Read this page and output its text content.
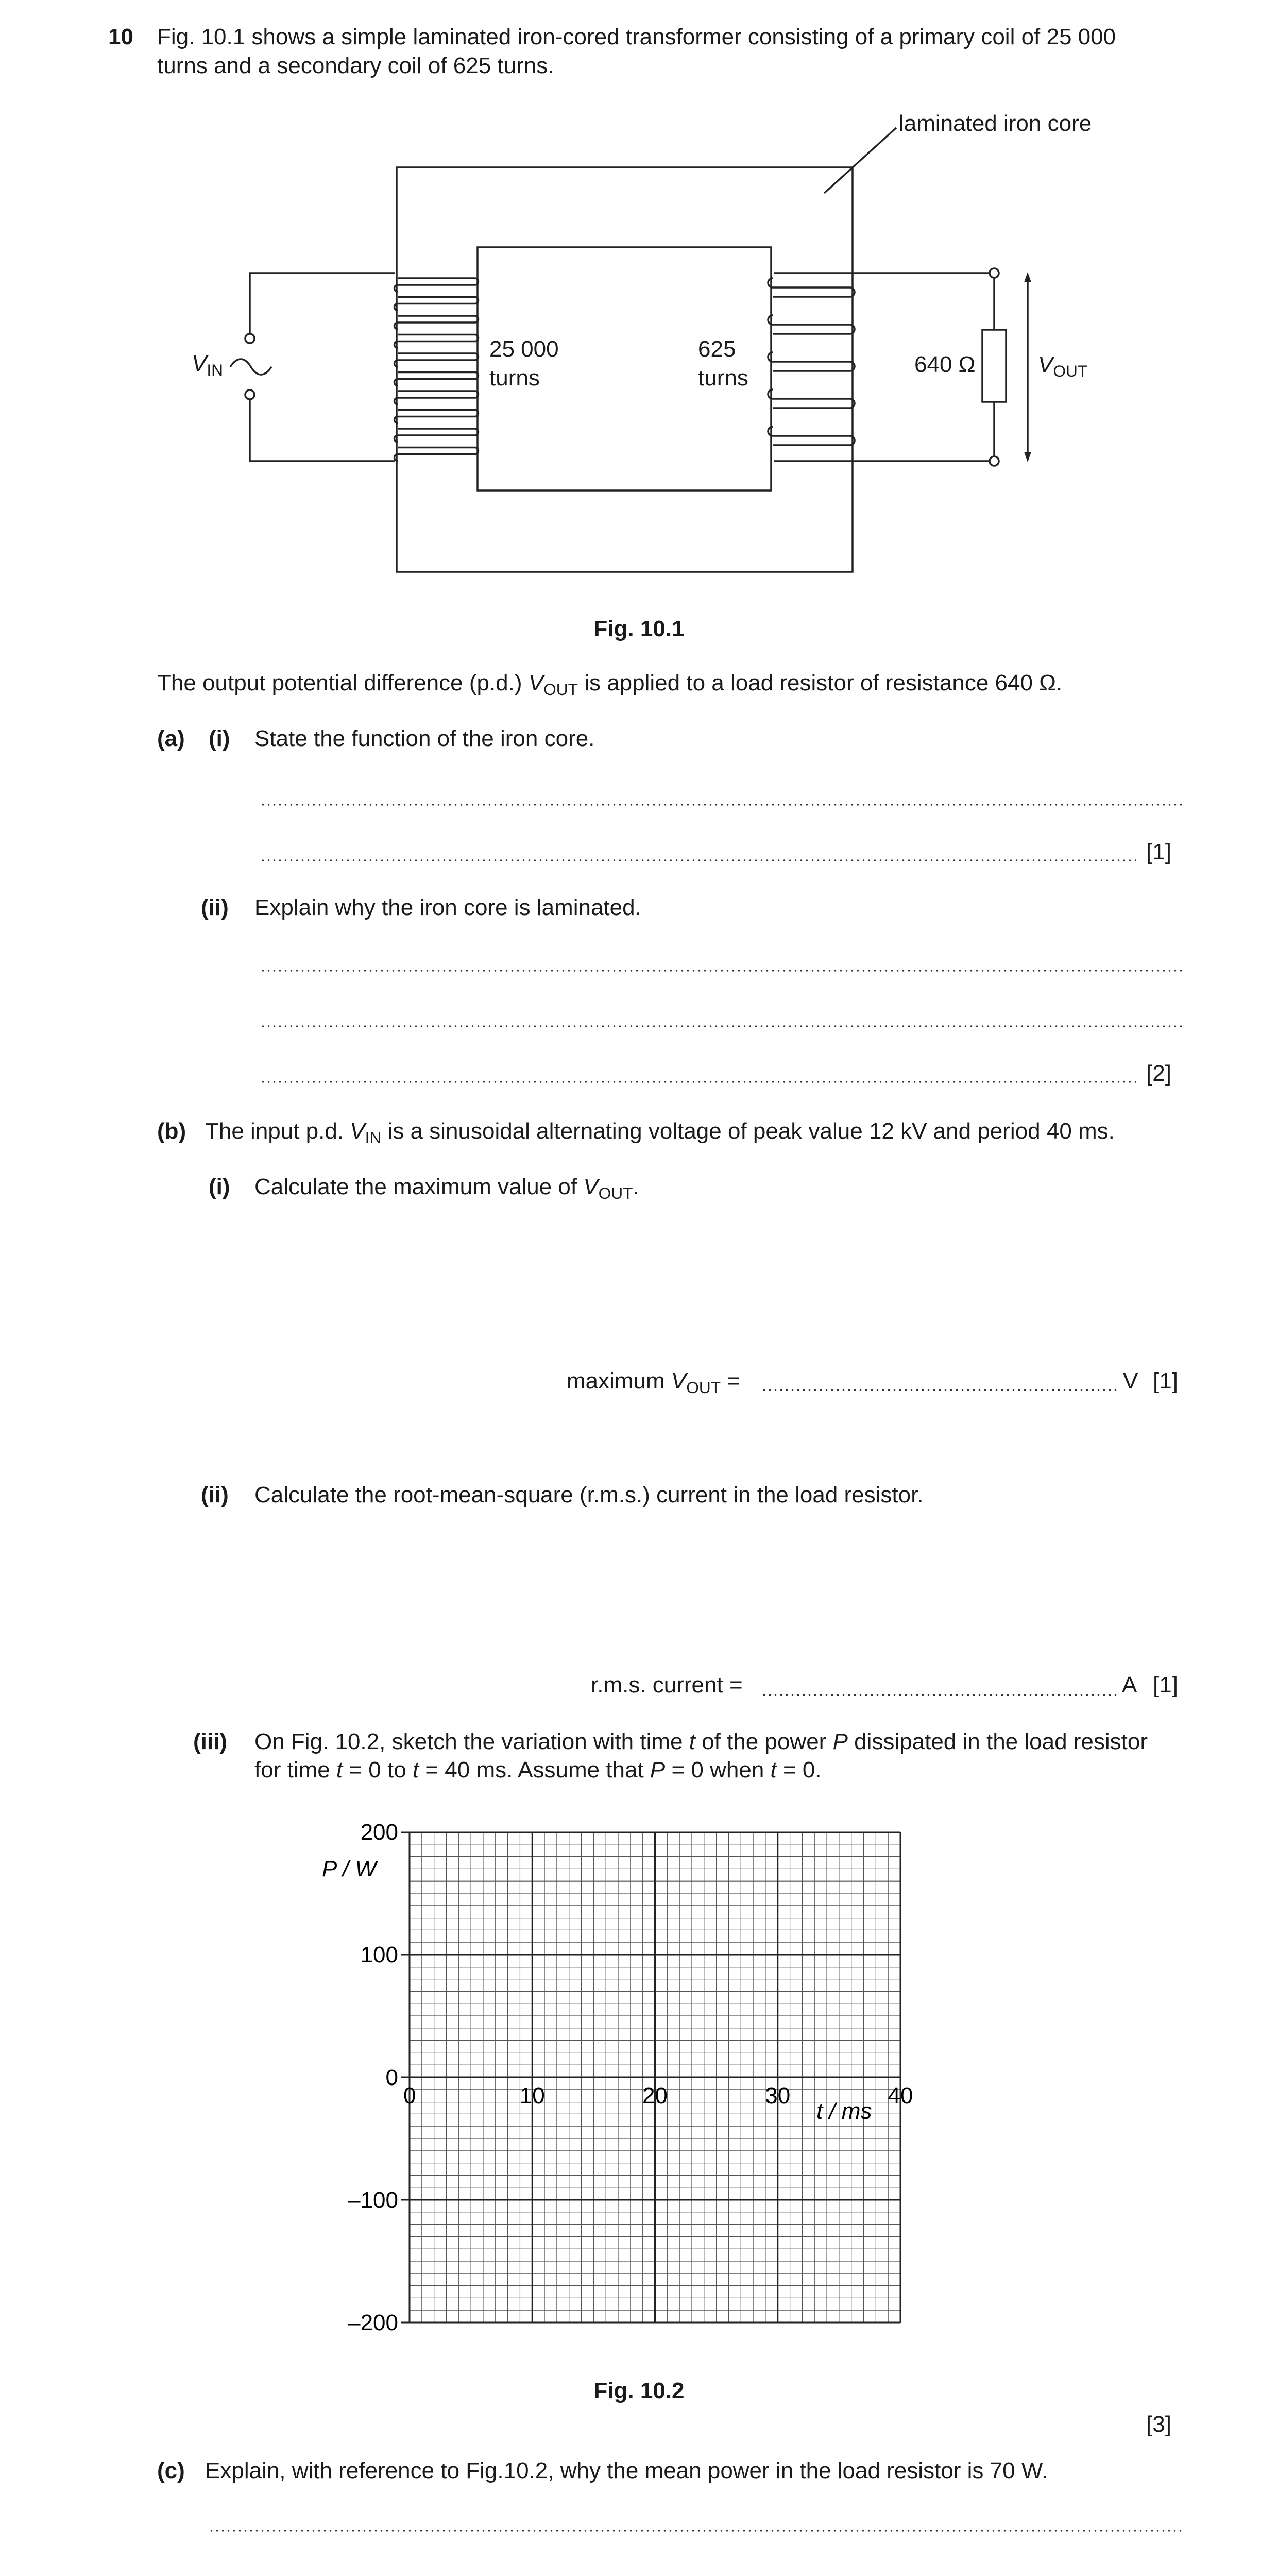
10 Fig. 10.1 shows a simple laminated iron-cored transformer consisting of a primary coil of 25 000
turns and a secondary coil of 625 turns.
laminated iron core
$V_{IN}$
25 000
turns
625
turns
640 Ω	$V_{OUT}$
Fig. 10.1
The output potential difference (p.d.) $V_{OUT}$ is applied to a load resistor of resistance 640 Ω.
(a) (i) State the function of the iron core.
[1]
(ii) Explain why the iron core is laminated.
[2]
(b) The input p.d. $V_{IN}$ is a sinusoidal alternating voltage of peak value 12 kV and period 40 ms.
(i) Calculate the maximum value of $V_{OUT}$.
maximum $V_{OUT}$ =	V [1]
(ii) Calculate the root-mean-square (r.m.s.) current in the load resistor.
r.m.s. current =	A [1]
(iii) On Fig. 10.2, sketch the variation with time t of the power P dissipated in the load resistor
for time t = 0 to t = 40 ms. Assume that P = 0 when t = 0.
0	10	20	30	40
200
100
0
–100
–200
P / W
t / ms
Fig. 10.2
[3]
(c) Explain, with reference to Fig.10.2, why the mean power in the load resistor is 70 W.
